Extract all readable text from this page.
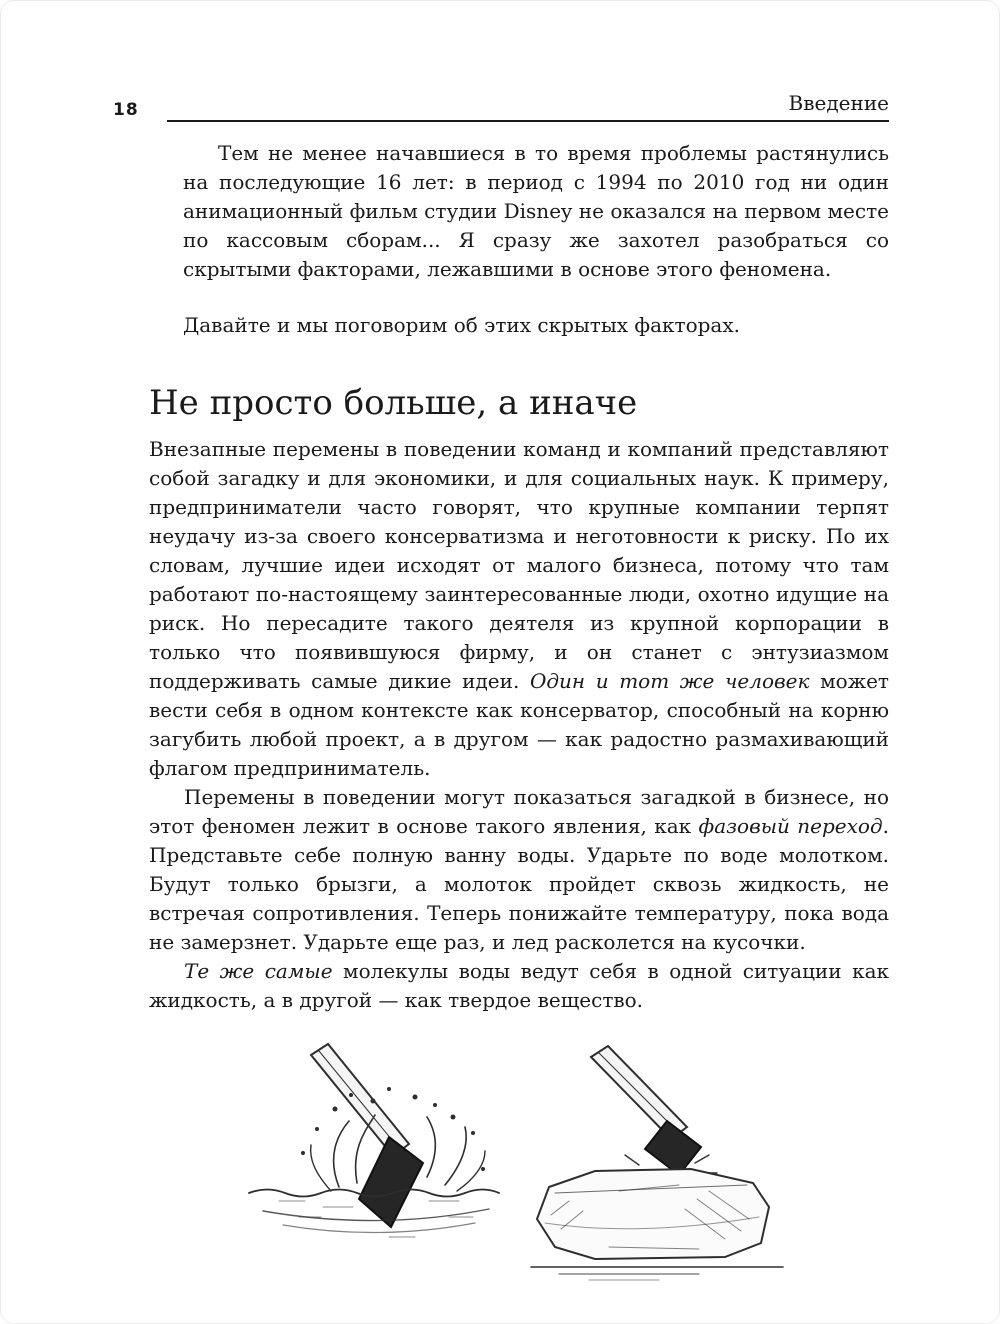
18	Введение

Тем не менее начавшиеся в то время проблемы растянулись на последующие 16 лет: в период с 1994 по 2010 год ни один анимационный фильм студии Disney не оказался на первом месте по кассовым сборам... Я сразу же захотел разобраться со скрытыми факторами, лежавшими в основе этого феномена.

Давайте и мы поговорим об этих скрытых факторах.

Не просто больше, а иначе

Внезапные перемены в поведении команд и компаний представляют собой загадку и для экономики, и для социальных наук. К примеру, предприниматели часто говорят, что крупные компании терпят неудачу из-за своего консерватизма и неготовности к риску. По их словам, лучшие идеи исходят от малого бизнеса, потому что там работают по-настоящему заинтересованные люди, охотно идущие на риск. Но пересадите такого деятеля из крупной корпорации в только что появившуюся фирму, и он станет с энтузиазмом поддерживать самые дикие идеи. Один и тот же человек может вести себя в одном контексте как консерватор, способный на корню загубить любой проект, а в другом — как радостно размахивающий флагом предприниматель.

Перемены в поведении могут показаться загадкой в бизнесе, но этот феномен лежит в основе такого явления, как фазовый переход. Представьте себе полную ванну воды. Ударьте по воде молотком. Будут только брызги, а молоток пройдет сквозь жидкость, не встречая сопротивления. Теперь понижайте температуру, пока вода не замерзнет. Ударьте еще раз, и лед расколется на кусочки.

Те же самые молекулы воды ведут себя в одной ситуации как жидкость, а в другой — как твердое вещество.
